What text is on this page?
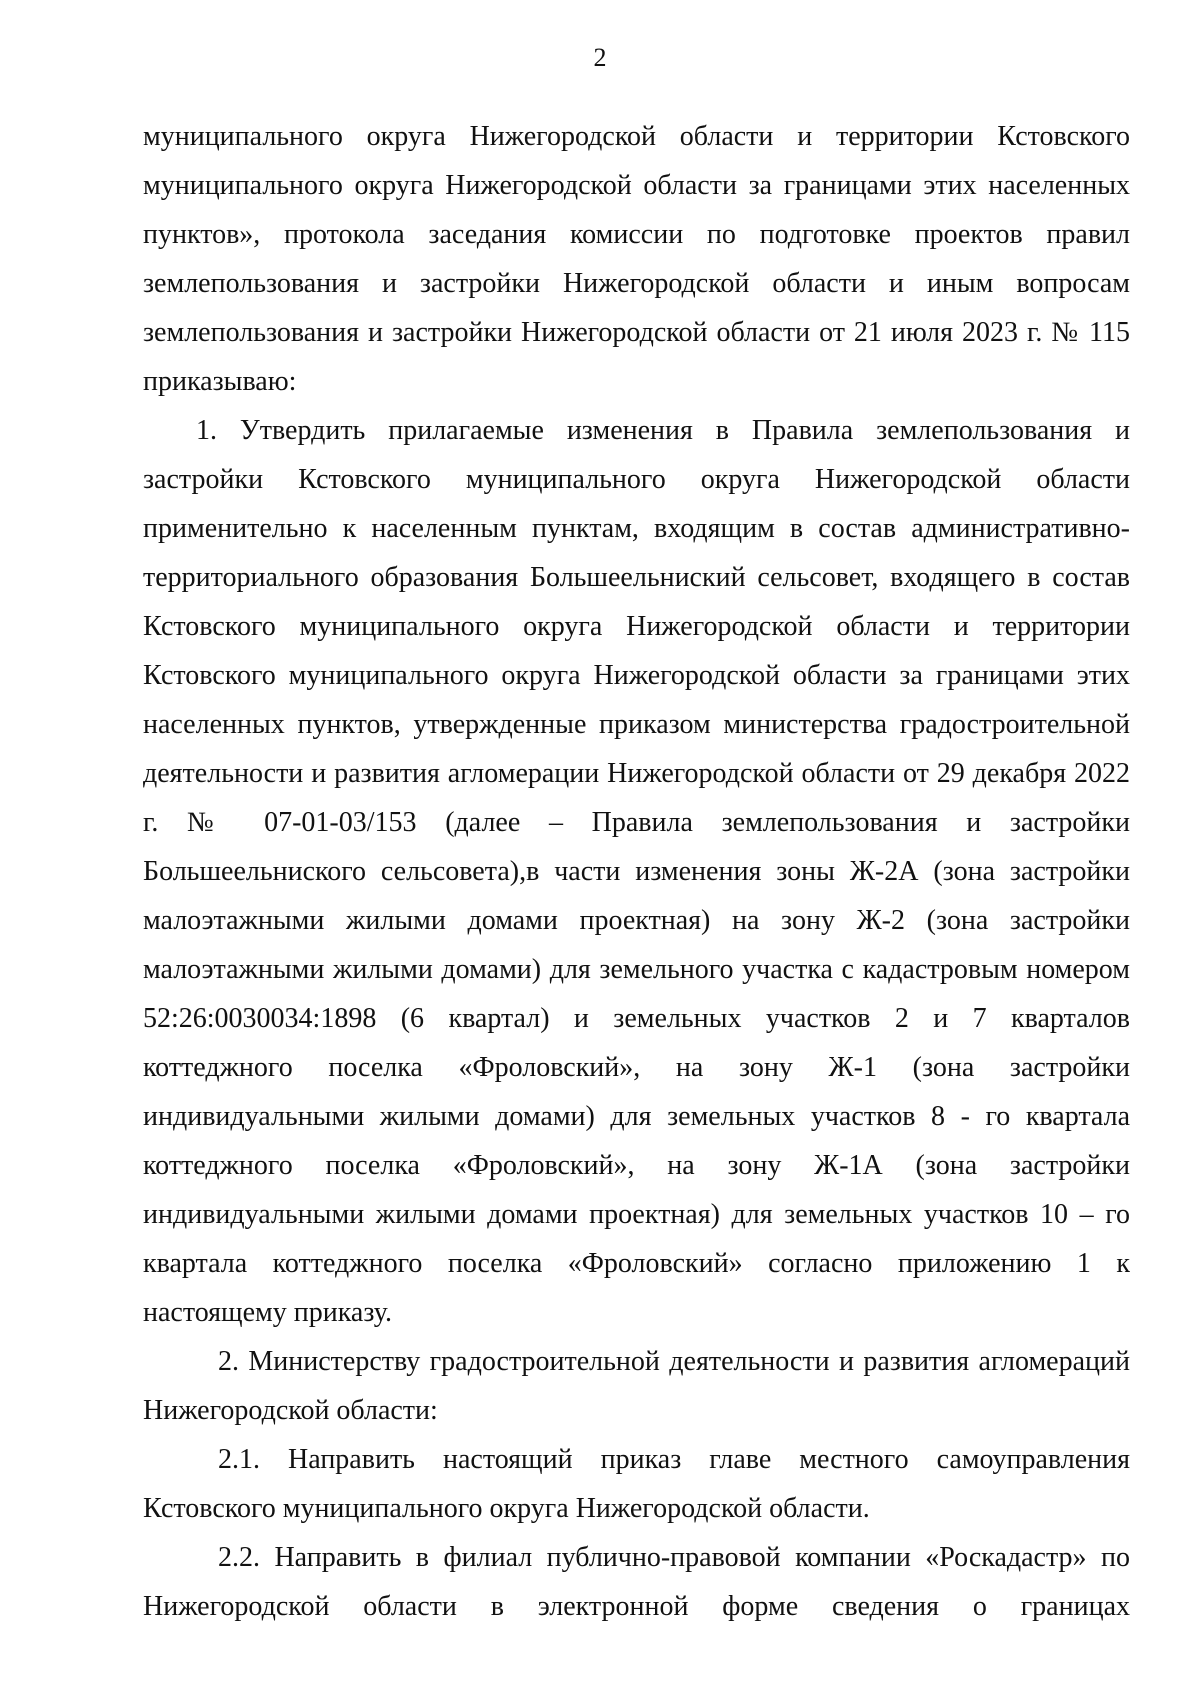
2

муниципального округа Нижегородской области и территории Кстовского муниципального округа Нижегородской области за границами этих населенных пунктов», протокола заседания комиссии по подготовке проектов правил землепользования и застройки Нижегородской области и иным вопросам землепользования и застройки Нижегородской области от 21 июля 2023 г. № 115 приказываю:

1. Утвердить прилагаемые изменения в Правила землепользования и застройки Кстовского муниципального округа Нижегородской области применительно к населенным пунктам, входящим в состав административно-территориального образования Большеельниский сельсовет, входящего в состав Кстовского муниципального округа Нижегородской области и территории Кстовского муниципального округа Нижегородской области за границами этих населенных пунктов, утвержденные приказом министерства градостроительной деятельности и развития агломерации Нижегородской области от 29 декабря 2022 г. № 07-01-03/153 (далее – Правила землепользования и застройки Большеельниского сельсовета),в части изменения зоны Ж-2А (зона застройки малоэтажными жилыми домами проектная) на зону Ж-2 (зона застройки малоэтажными жилыми домами) для земельного участка с кадастровым номером 52:26:0030034:1898 (6 квартал) и земельных участков 2 и 7 кварталов коттеджного поселка «Фроловский», на зону Ж-1 (зона застройки индивидуальными жилыми домами) для земельных участков 8 - го квартала коттеджного поселка «Фроловский», на зону Ж-1А (зона застройки индивидуальными жилыми домами проектная) для земельных участков 10 – го квартала коттеджного поселка «Фроловский» согласно приложению 1 к настоящему приказу.

2. Министерству градостроительной деятельности и развития агломераций Нижегородской области:

2.1. Направить настоящий приказ главе местного самоуправления Кстовского муниципального округа Нижегородской области.

2.2. Направить в филиал публично-правовой компании «Роскадастр» по Нижегородской области в электронной форме сведения о границах
